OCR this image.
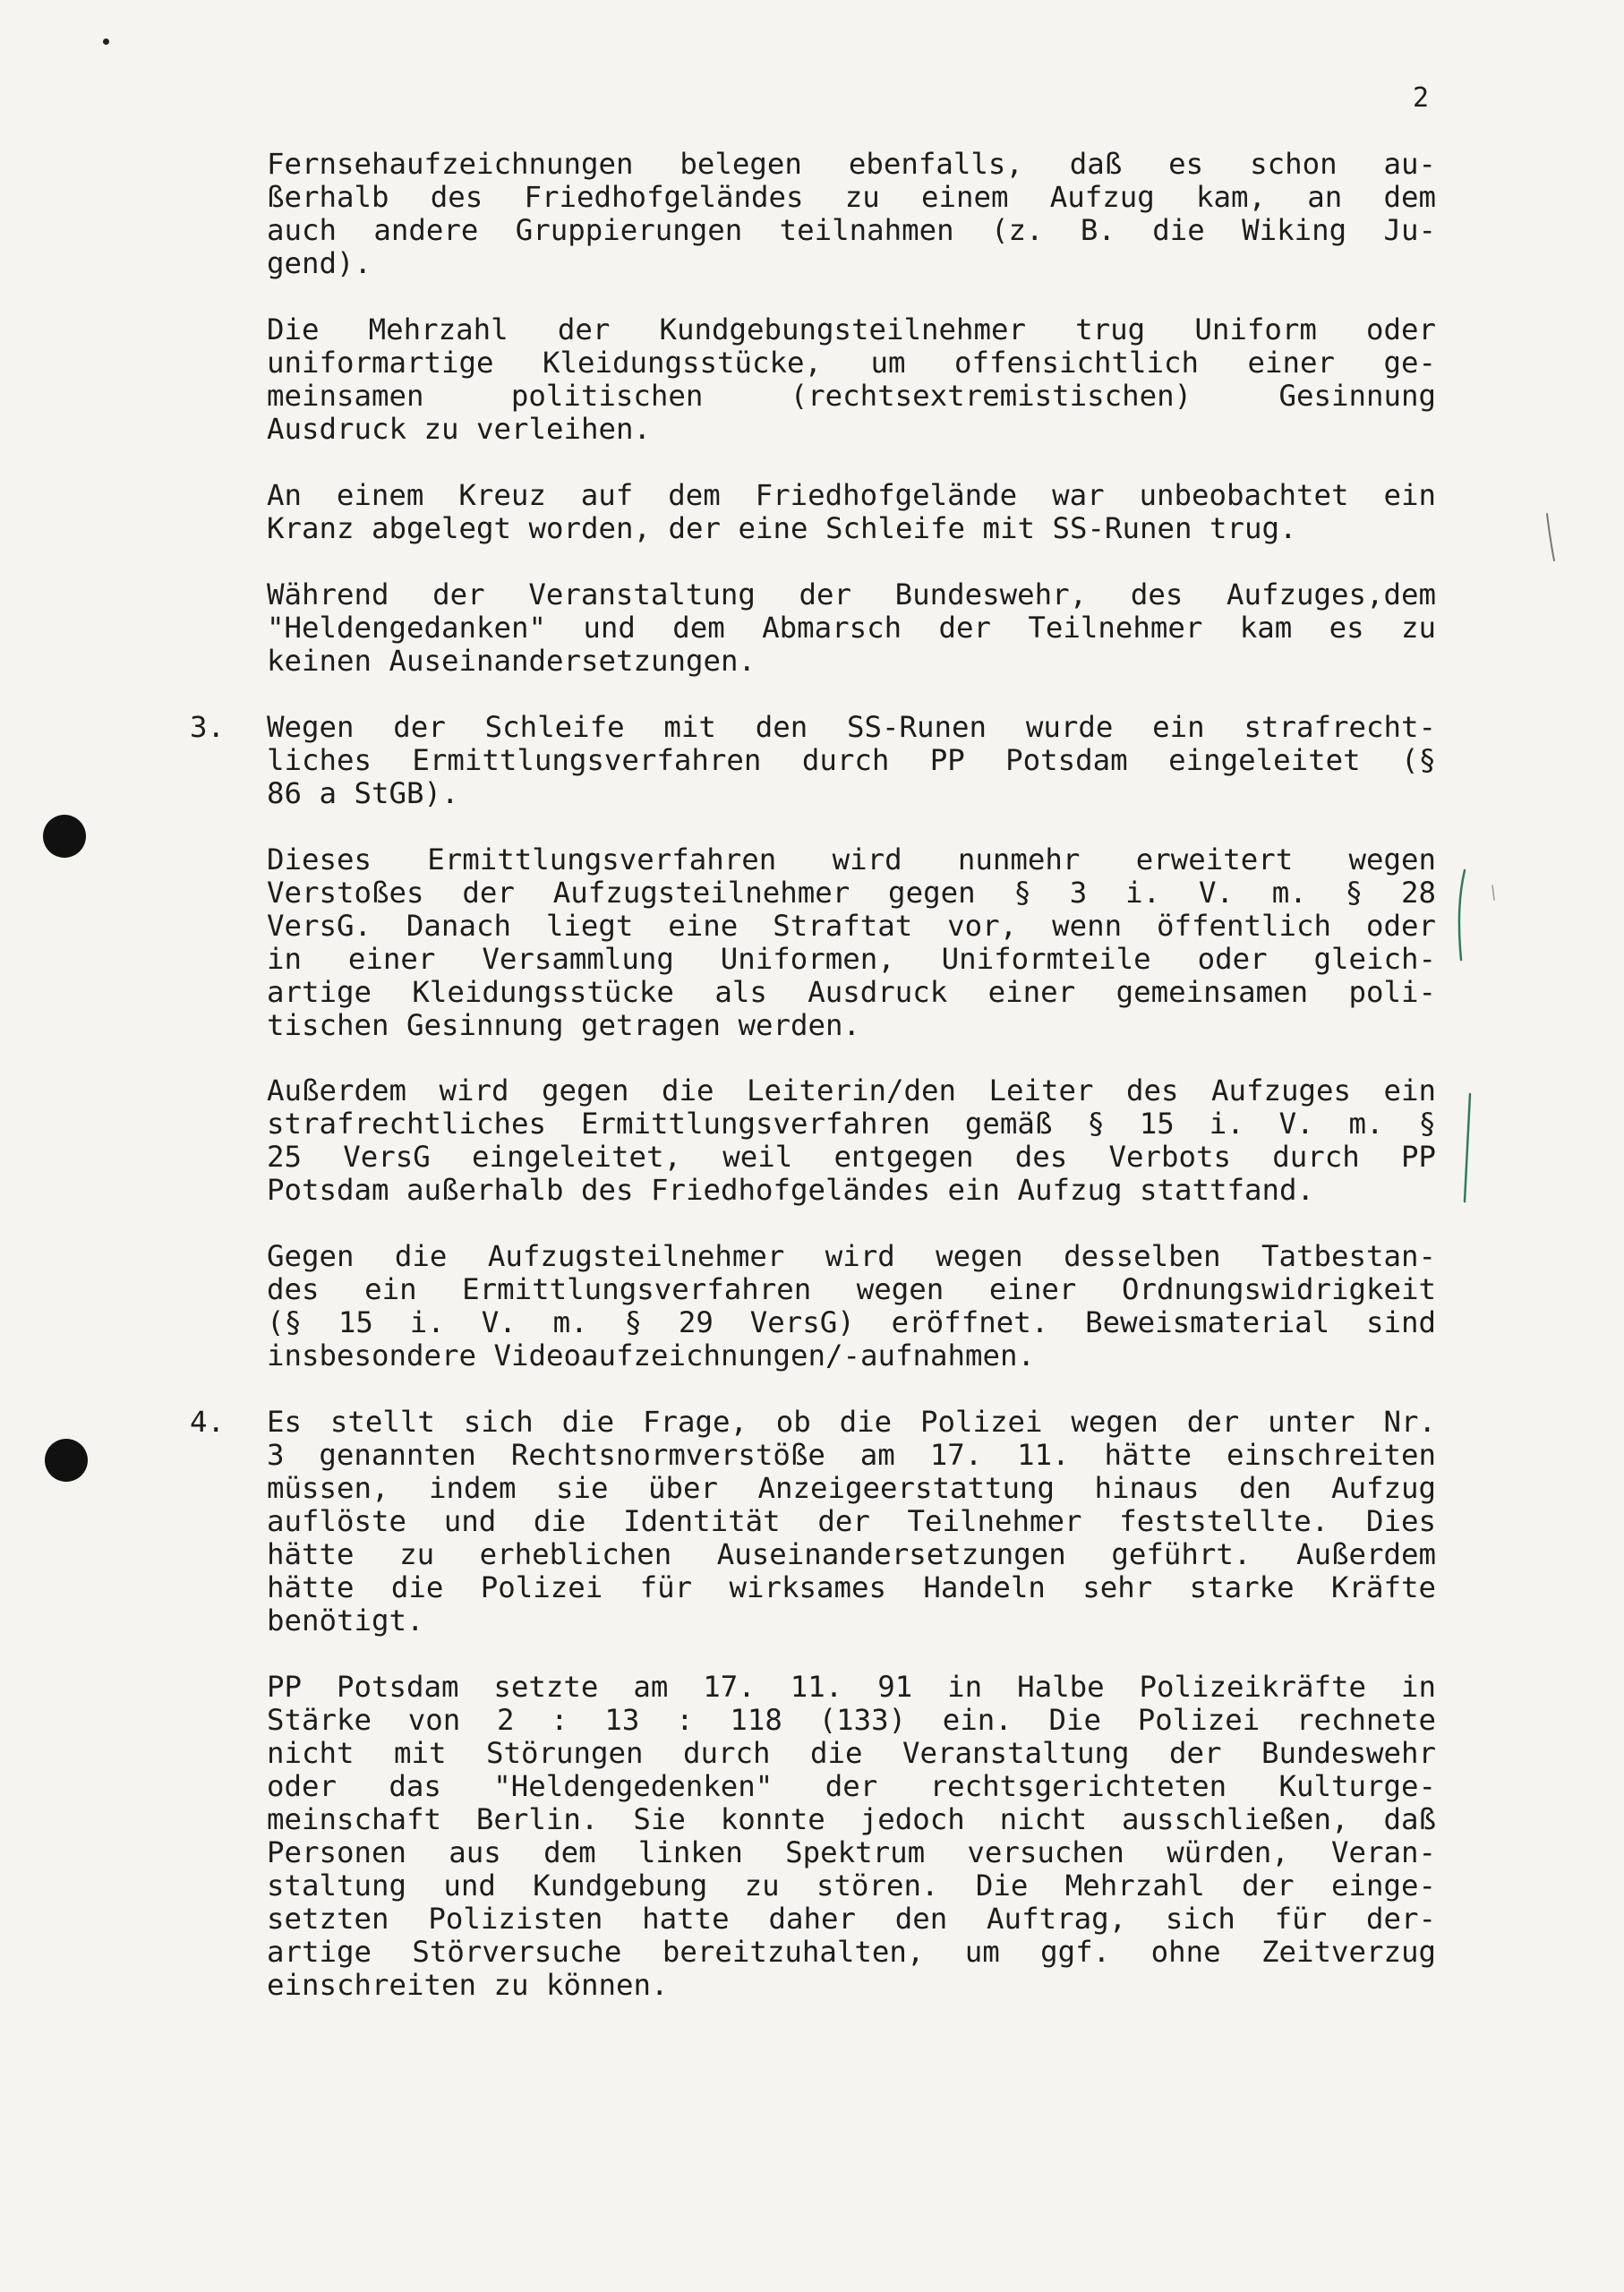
2
Fernsehaufzeichnungen belegen ebenfalls, daß es schon au-
ßerhalb des Friedhofgeländes zu einem Aufzug kam, an dem
auch andere Gruppierungen teilnahmen (z. B. die Wiking Ju-
gend).
Die Mehrzahl der Kundgebungsteilnehmer trug Uniform oder
uniformartige Kleidungsstücke, um offensichtlich einer ge-
meinsamen politischen (rechtsextremistischen) Gesinnung
Ausdruck zu verleihen.
An einem Kreuz auf dem Friedhofgelände war unbeobachtet ein
Kranz abgelegt worden, der eine Schleife mit SS-Runen trug.
Während der Veranstaltung der Bundeswehr, des Aufzuges,dem
"Heldengedanken" und dem Abmarsch der Teilnehmer kam es zu
keinen Auseinandersetzungen.
3. Wegen der Schleife mit den SS-Runen wurde ein strafrecht-
liches Ermittlungsverfahren durch PP Potsdam eingeleitet (§
86 a StGB).
Dieses Ermittlungsverfahren wird nunmehr erweitert wegen
Verstoßes der Aufzugsteilnehmer gegen § 3 i. V. m. § 28
VersG. Danach liegt eine Straftat vor, wenn öffentlich oder
in einer Versammlung Uniformen, Uniformteile oder gleich-
artige Kleidungsstücke als Ausdruck einer gemeinsamen poli-
tischen Gesinnung getragen werden.
Außerdem wird gegen die Leiterin/den Leiter des Aufzuges ein
strafrechtliches Ermittlungsverfahren gemäß § 15 i. V. m. §
25 VersG eingeleitet, weil entgegen des Verbots durch PP
Potsdam außerhalb des Friedhofgeländes ein Aufzug stattfand.
Gegen die Aufzugsteilnehmer wird wegen desselben Tatbestan-
des ein Ermittlungsverfahren wegen einer Ordnungswidrigkeit
(§ 15 i. V. m. § 29 VersG) eröffnet. Beweismaterial sind
insbesondere Videoaufzeichnungen/-aufnahmen.
4. Es stellt sich die Frage, ob die Polizei wegen der unter Nr.
3 genannten Rechtsnormverstöße am 17. 11. hätte einschreiten
müssen, indem sie über Anzeigeerstattung hinaus den Aufzug
auflöste und die Identität der Teilnehmer feststellte. Dies
hätte zu erheblichen Auseinandersetzungen geführt. Außerdem
hätte die Polizei für wirksames Handeln sehr starke Kräfte
benötigt.
PP Potsdam setzte am 17. 11. 91 in Halbe Polizeikräfte in
Stärke von 2 : 13 : 118 (133) ein. Die Polizei rechnete
nicht mit Störungen durch die Veranstaltung der Bundeswehr
oder das "Heldengedenken" der rechtsgerichteten Kulturge-
meinschaft Berlin. Sie konnte jedoch nicht ausschließen, daß
Personen aus dem linken Spektrum versuchen würden, Veran-
staltung und Kundgebung zu stören. Die Mehrzahl der einge-
setzten Polizisten hatte daher den Auftrag, sich für der-
artige Störversuche bereitzuhalten, um ggf. ohne Zeitverzug
einschreiten zu können.
